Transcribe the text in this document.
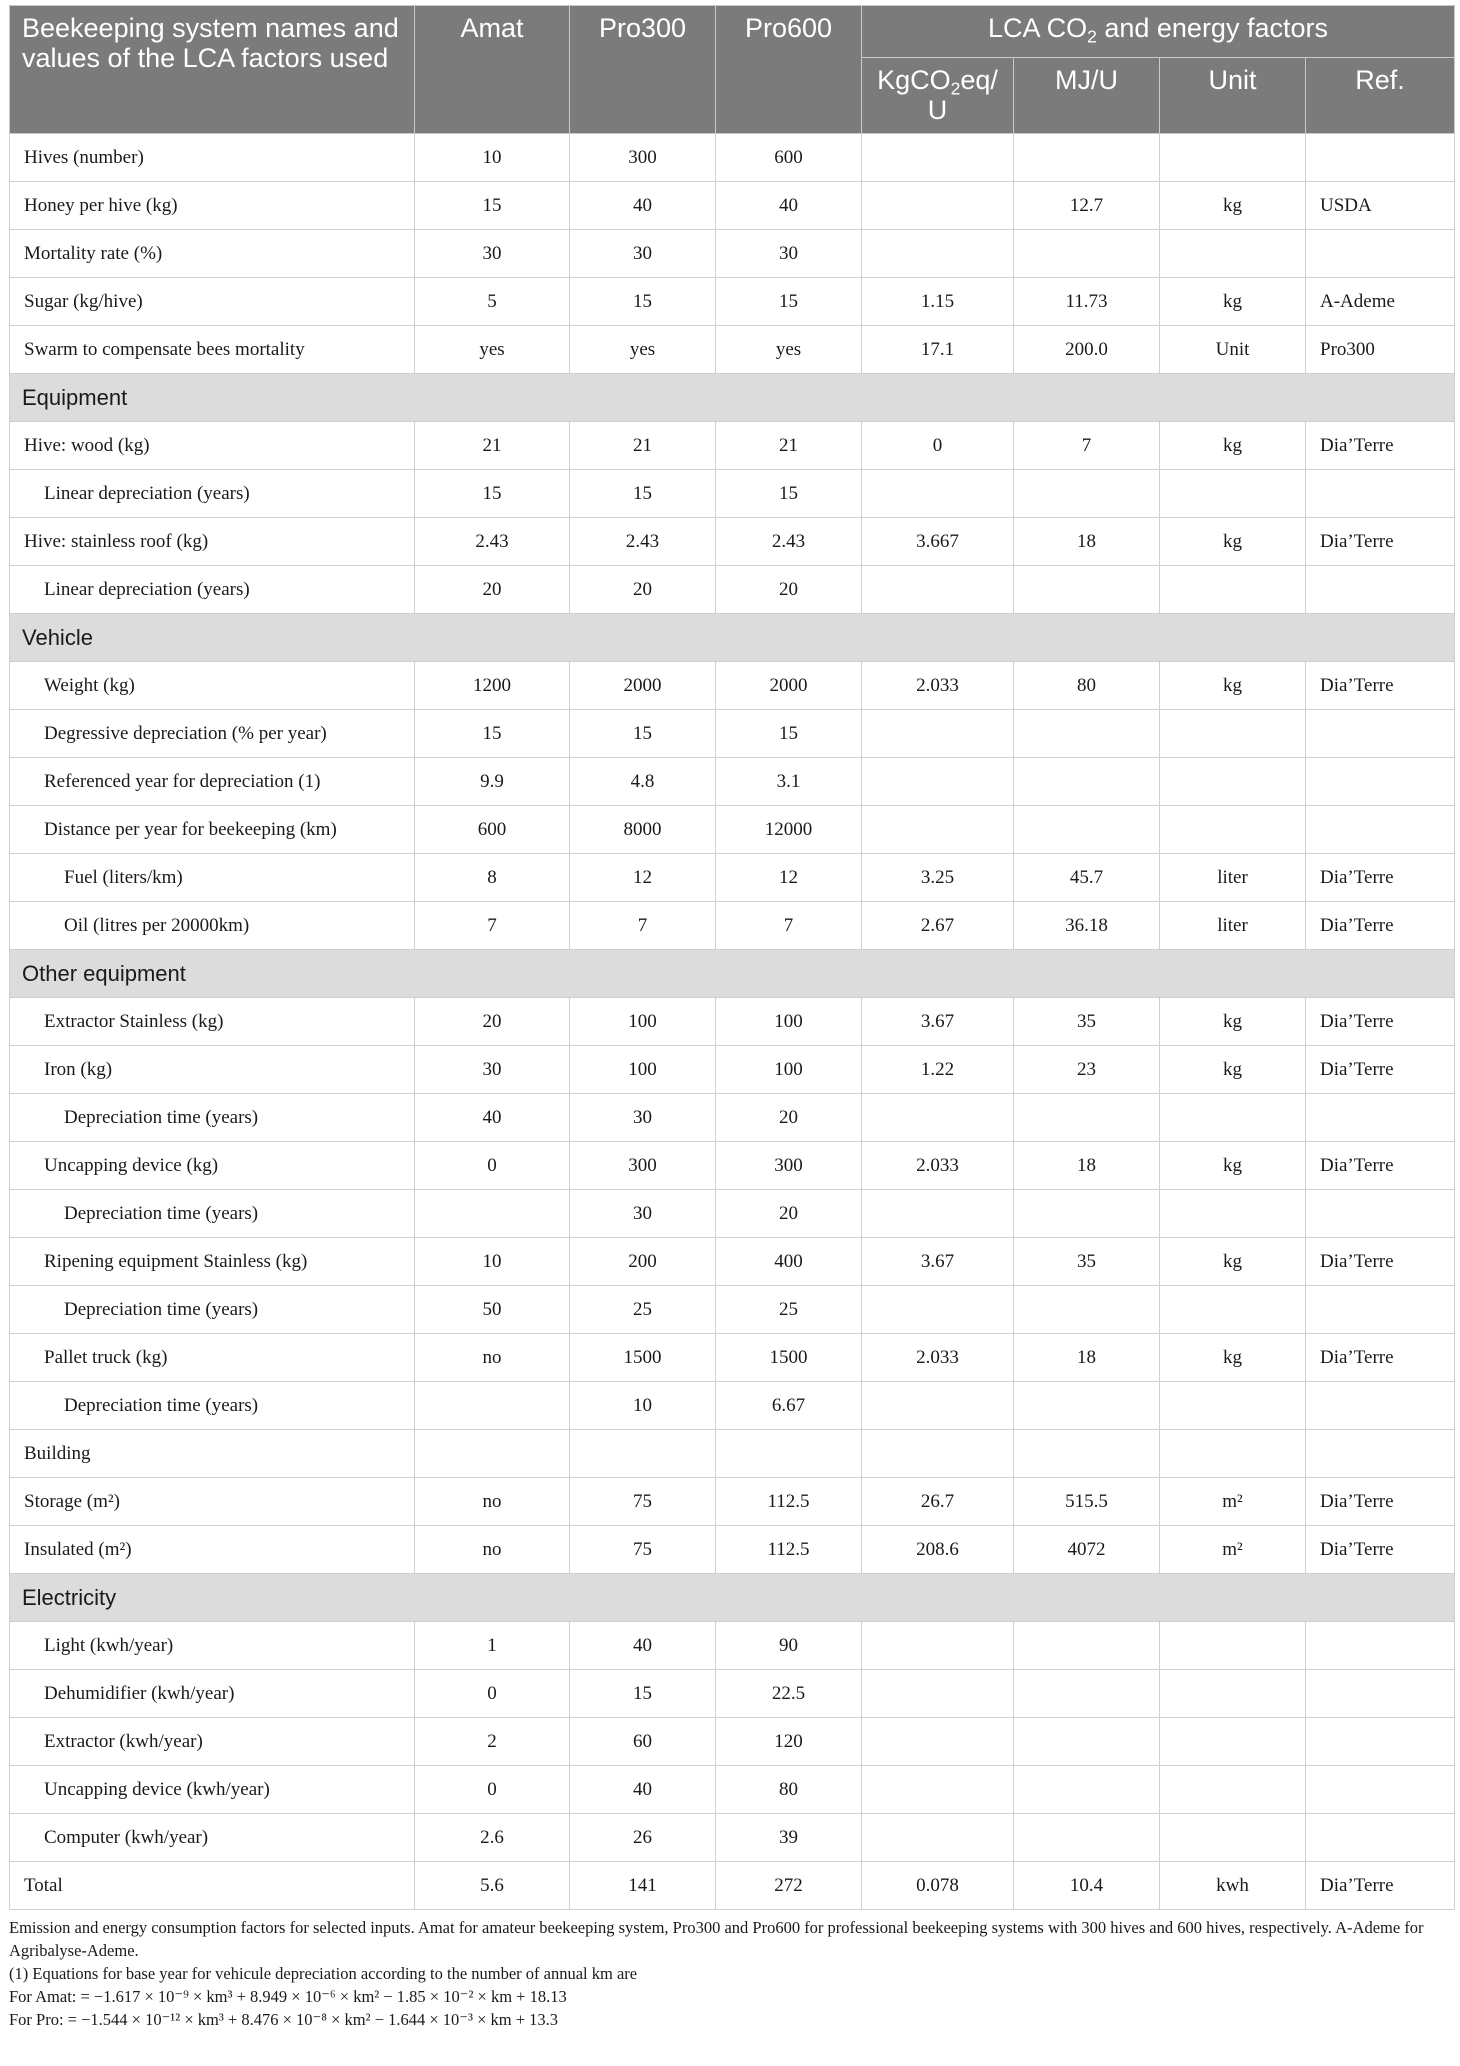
Beekeeping system names and values of the LCA factors used	Amat	Pro300	Pro600	LCA $CO_2$ and energy factors			
				KgCO$_2$eq/ U	MJ/U	Unit	Ref.
Hives (number)	10	300	600				
Honey per hive (kg)	15	40	40		12.7	kg	USDA
Mortality rate (%)	30	30	30				
Sugar (kg/hive)	5	15	15	1.15	11.73	kg	A-Ademe
Swarm to compensate bees mortality	yes	yes	yes	17.1	200.0	Unit	Pro300
Equipment							
Hive: wood (kg)	21	21	21	0	7	kg	Dia’Terre
Linear depreciation (years)	15	15	15				
Hive: stainless roof (kg)	2.43	2.43	2.43	3.667	18	kg	Dia’Terre
Linear depreciation (years)	20	20	20				
Vehicle							
Weight (kg)	1200	2000	2000	2.033	80	kg	Dia’Terre
Degressive depreciation (% per year)	15	15	15				
Referenced year for depreciation (1)	9.9	4.8	3.1				
Distance per year for beekeeping (km)	600	8000	12000				
Fuel (liters/km)	8	12	12	3.25	45.7	liter	Dia’Terre
Oil (litres per 20000km)	7	7	7	2.67	36.18	liter	Dia’Terre
Other equipment							
Extractor Stainless (kg)	20	100	100	3.67	35	kg	Dia’Terre
Iron (kg)	30	100	100	1.22	23	kg	Dia’Terre
Depreciation time (years)	40	30	20				
Uncapping device (kg)	0	300	300	2.033	18	kg	Dia’Terre
Depreciation time (years)		30	20				
Ripening equipment Stainless (kg)	10	200	400	3.67	35	kg	Dia’Terre
Depreciation time (years)	50	25	25				
Pallet truck (kg)	no	1500	1500	2.033	18	kg	Dia’Terre
Depreciation time (years)		10	6.67				
Building							
Storage (m²)	no	75	112.5	26.7	515.5	m²	Dia’Terre
Insulated (m²)	no	75	112.5	208.6	4072	m²	Dia’Terre
Electricity							
Light (kwh/year)	1	40	90				
Dehumidifier (kwh/year)	0	15	22.5				
Extractor (kwh/year)	2	60	120				
Uncapping device (kwh/year)	0	40	80				
Computer (kwh/year)	2.6	26	39				
Total	5.6	141	272	0.078	10.4	kwh	Dia’Terre
Emission and energy consumption factors for selected inputs. Amat for amateur beekeeping system, Pro300 and Pro600 for professional beekeeping systems with 300 hives and 600 hives, respectively. A-Ademe for Agribalyse-Ademe.
(1) Equations for base year for vehicule depreciation according to the number of annual km are
For Amat: = −1.617 × 10⁻⁹ × km³ + 8.949 × 10⁻⁶ × km² − 1.85 × 10⁻² × km + 18.13
For Pro: = −1.544 × 10⁻¹² × km³ + 8.476 × 10⁻⁸ × km² − 1.644 × 10⁻³ × km + 13.3
